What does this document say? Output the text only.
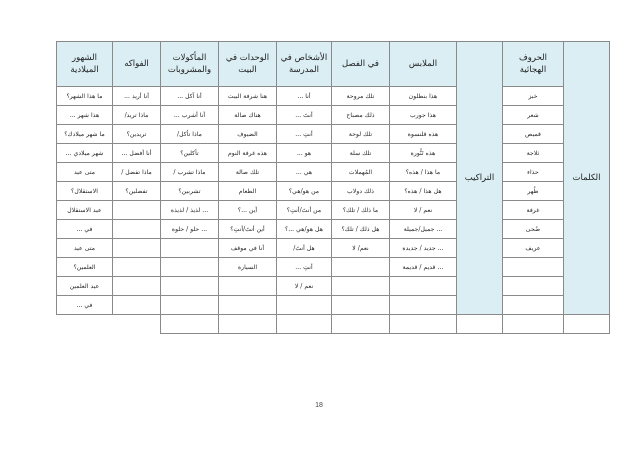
الكلمات	الحروف الهجائية	التراكيب	الملابس	في الفصل	الأشخاص في المدرسة	الوحدات في البيت	المأكولات والمشروبات	الفواكه	الشهور الميلادية
	خبز		هذا بنطلون	تلك مروحة	أنا ...	هنا شرفة البيت	أنا آكل ...	أنا أريد ...	ما هذا الشهر؟
	شعر		هذا جورب	ذلك مصباح	أنتَ ...	هناك صالة	أنا أشرب ...	ماذا تريد/	هذا شهر ...
	قميص		هذه قلنسوة	تلك لوحة	أنتِ ...	الضيوف	ماذا تأكل/	تريدين؟	ما شهر ميلادك؟
	ثلاجة		هذه تَنُّورة	تلك سلة	هو ...	هذه غرفة النوم	تأكلين؟	أنا أفضل ...	شهر ميلادي ...
	حذاء		ما هذا / هذه؟	المُهملات	هي ...	تلك صالة	ماذا تشرب /	ماذا تفضل /	متى عيد
	ظُهر		هل هذا / هذه؟	ذلك دولاب	من هو/هي؟	الطعام	تشربين؟	تفضلين؟	الاستقلال؟
	غرفة		نعم / لا	ما ذلك / تلك؟	من أنتَ/أنتِ؟	أين ...؟	... لذيذ / لذيذة		عيد الاستقلال
	ضُحى		... جميل/جميلة	هل ذلك / تلك؟	هل هو/هي ...؟	أين أنتَ/أنتِ؟	... حلو / حلوة		في ...
	عريف		... جديد / جديدة	نعم/ لا	هل أنتَ/	أنا في موقف			متى عيد
			... قديم / قديمة		أنتِ ...	السيارة			العلمين؟
					نعم / لا				عيد العلمين
									في ...

18
